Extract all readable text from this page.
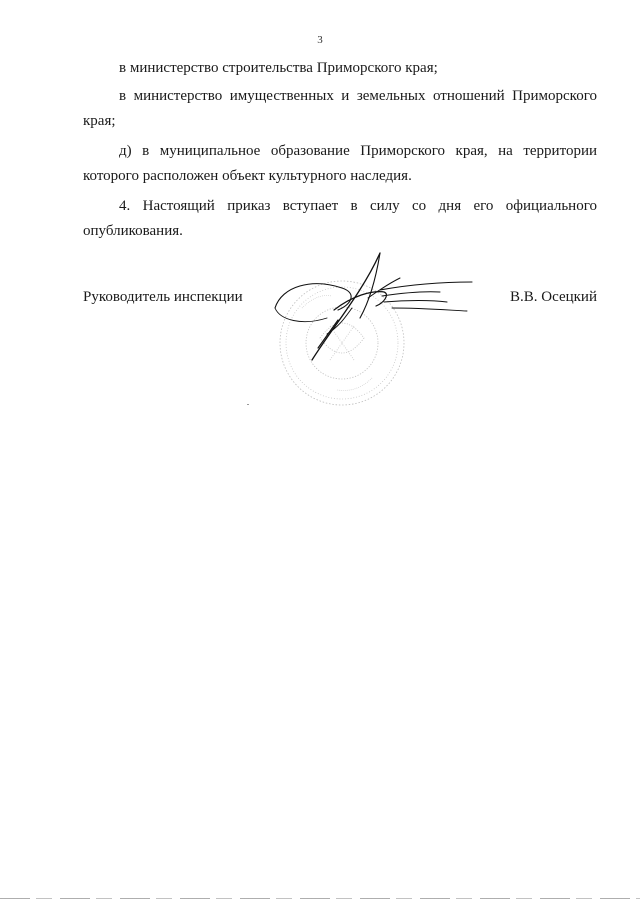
3

в министерство строительства Приморского края;

в министерство имущественных и земельных отношений Приморского края;

д) в муниципальное образование Приморского края, на территории которого расположен объект культурного наследия.

4. Настоящий приказ вступает в силу со дня его официального опубликования.

Руководитель инспекции	В.В. Осецкий
